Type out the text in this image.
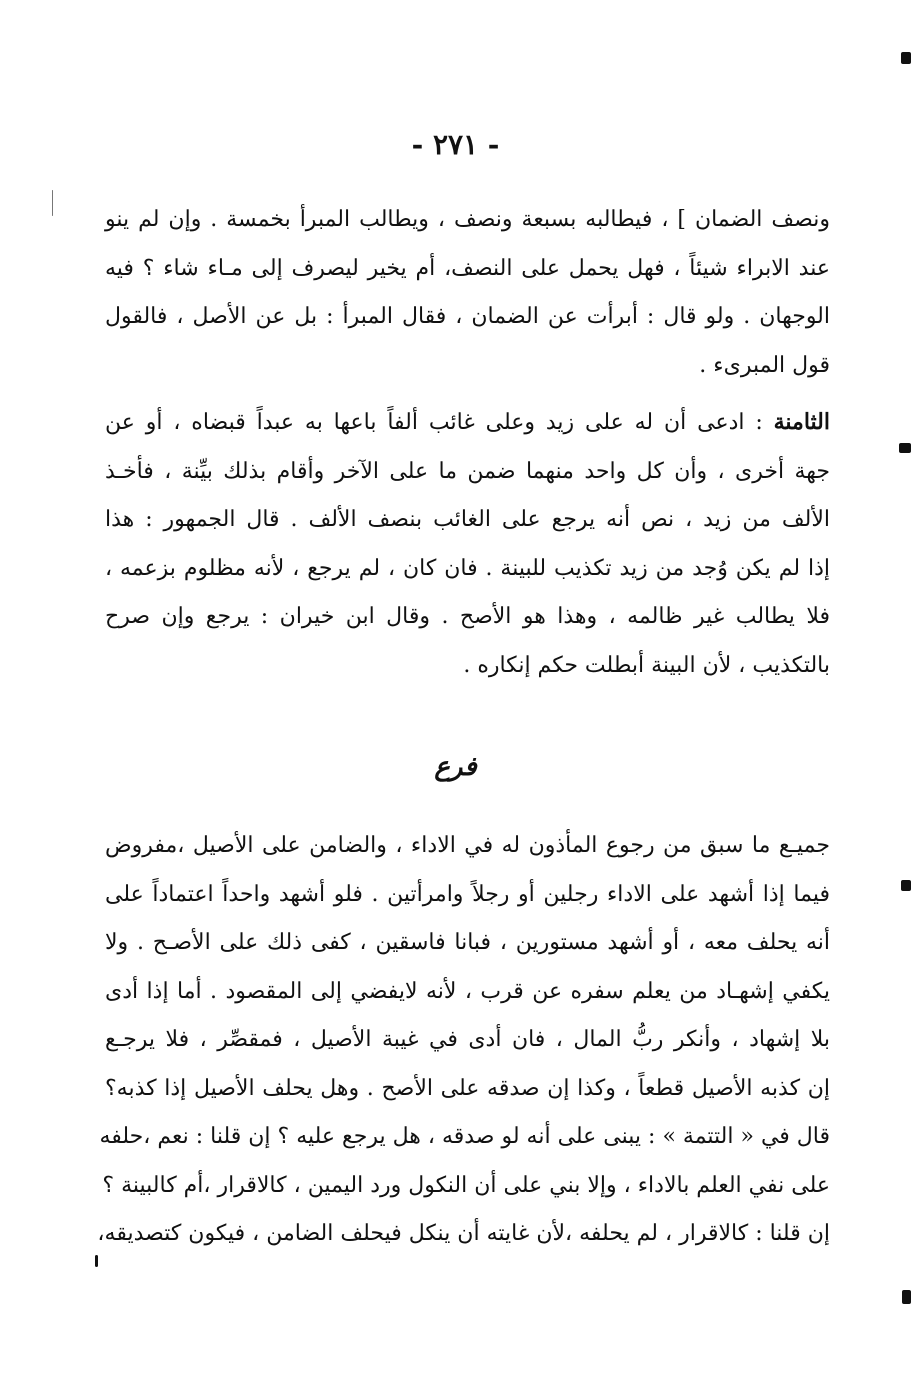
- ٢٧١ -
ونصف الضمان ] ، فيطالبه بسبعة ونصف ، ويطالب المبرأ بخمسة . وإن لم ينو
عند الابراء شيئاً ، فهل يحمل على النصف، أم يخير ليصرف إلى مـاء شاء ؟ فيه
الوجهان . ولو قال : أبرأت عن الضمان ، فقال المبرأ : بل عن الأصل ، فالقول
قول المبرىء .
الثامنة : ادعى أن له على زيد وعلى غائب ألفاً باعها به عبداً قبضاه ، أو عن
جهة أخرى ، وأن كل واحد منهما ضمن ما على الآخر وأقام بذلك بيِّنة ، فأخـذ
الألف من زيد ، نص أنه يرجع على الغائب بنصف الألف . قال الجمهور : هذا
إذا لم يكن وُجد من زيد تكذيب للبينة . فان كان ، لم يرجع ، لأنه مظلوم بزعمه ،
فلا يطالب غير ظالمه ، وهذا هو الأصح . وقال ابن خيران : يرجع وإن صرح
بالتكذيب ، لأن البينة أبطلت حكم إنكاره .
فرع
جميـع ما سبق من رجوع المأذون له في الاداء ، والضامن على الأصيل ،مفروض
فيما إذا أشهد على الاداء رجلين أو رجلاً وامرأتين . فلو أشهد واحداً اعتماداً على
أنه يحلف معه ، أو أشهد مستورين ، فبانا فاسقين ، كفى ذلك على الأصـح . ولا
يكفي إشهـاد من يعلم سفره عن قرب ، لأنه لايفضي إلى المقصود . أما إذا أدى
بلا إشهاد ، وأنكر ربُّ المال ، فان أدى في غيبة الأصيل ، فمقصِّر ، فلا يرجـع
إن كذبه الأصيل قطعاً ، وكذا إن صدقه على الأصح . وهل يحلف الأصيل إذا كذبه؟
قال في « التتمة » : يبنى على أنه لو صدقه ، هل يرجع عليه ؟ إن قلنا : نعم ،حلفه
على نفي العلم بالاداء ، وإلا بني على أن النكول ورد اليمين ، كالاقرار ،أم كالبينة ؟
إن قلنا : كالاقرار ، لم يحلفه ،لأن غايته أن ينكل فيحلف الضامن ، فيكون كتصديقه،
